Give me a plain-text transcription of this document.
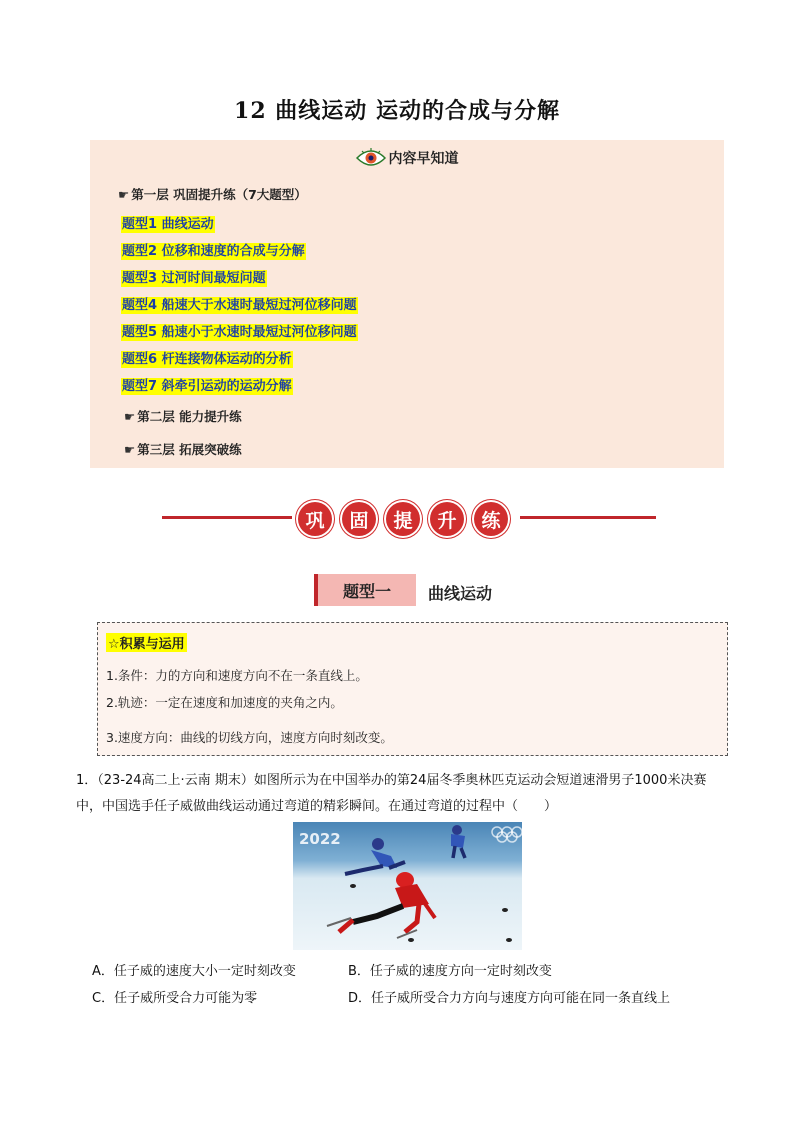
12 曲线运动 运动的合成与分解
内容早知道
☛ 第一层 巩固提升练（7大题型）
题型1 曲线运动
题型2 位移和速度的合成与分解
题型3 过河时间最短问题
题型4 船速大于水速时最短过河位移问题
题型5 船速小于水速时最短过河位移问题
题型6 杆连接物体运动的分析
题型7 斜牵引运动的运动分解
☛ 第二层 能力提升练
☛ 第三层 拓展突破练
巩	固	提	升	练
题型一	曲线运动
☆积累与运用
1.条件：力的方向和速度方向不在一条直线上。
2.轨迹：一定在速度和加速度的夹角之内。
3.速度方向：曲线的切线方向，速度方向时刻改变。
1．（23-24高二上·云南 期末）如图所示为在中国举办的第24届冬季奥林匹克运动会短道速滑男子1000米决赛中，中国选手任子威做曲线运动通过弯道的精彩瞬间。在通过弯道的过程中（　　）
2022
A．任子威的速度大小一定时刻改变	B．任子威的速度方向一定时刻改变
C．任子威所受合力可能为零	D．任子威所受合力方向与速度方向可能在同一条直线上
